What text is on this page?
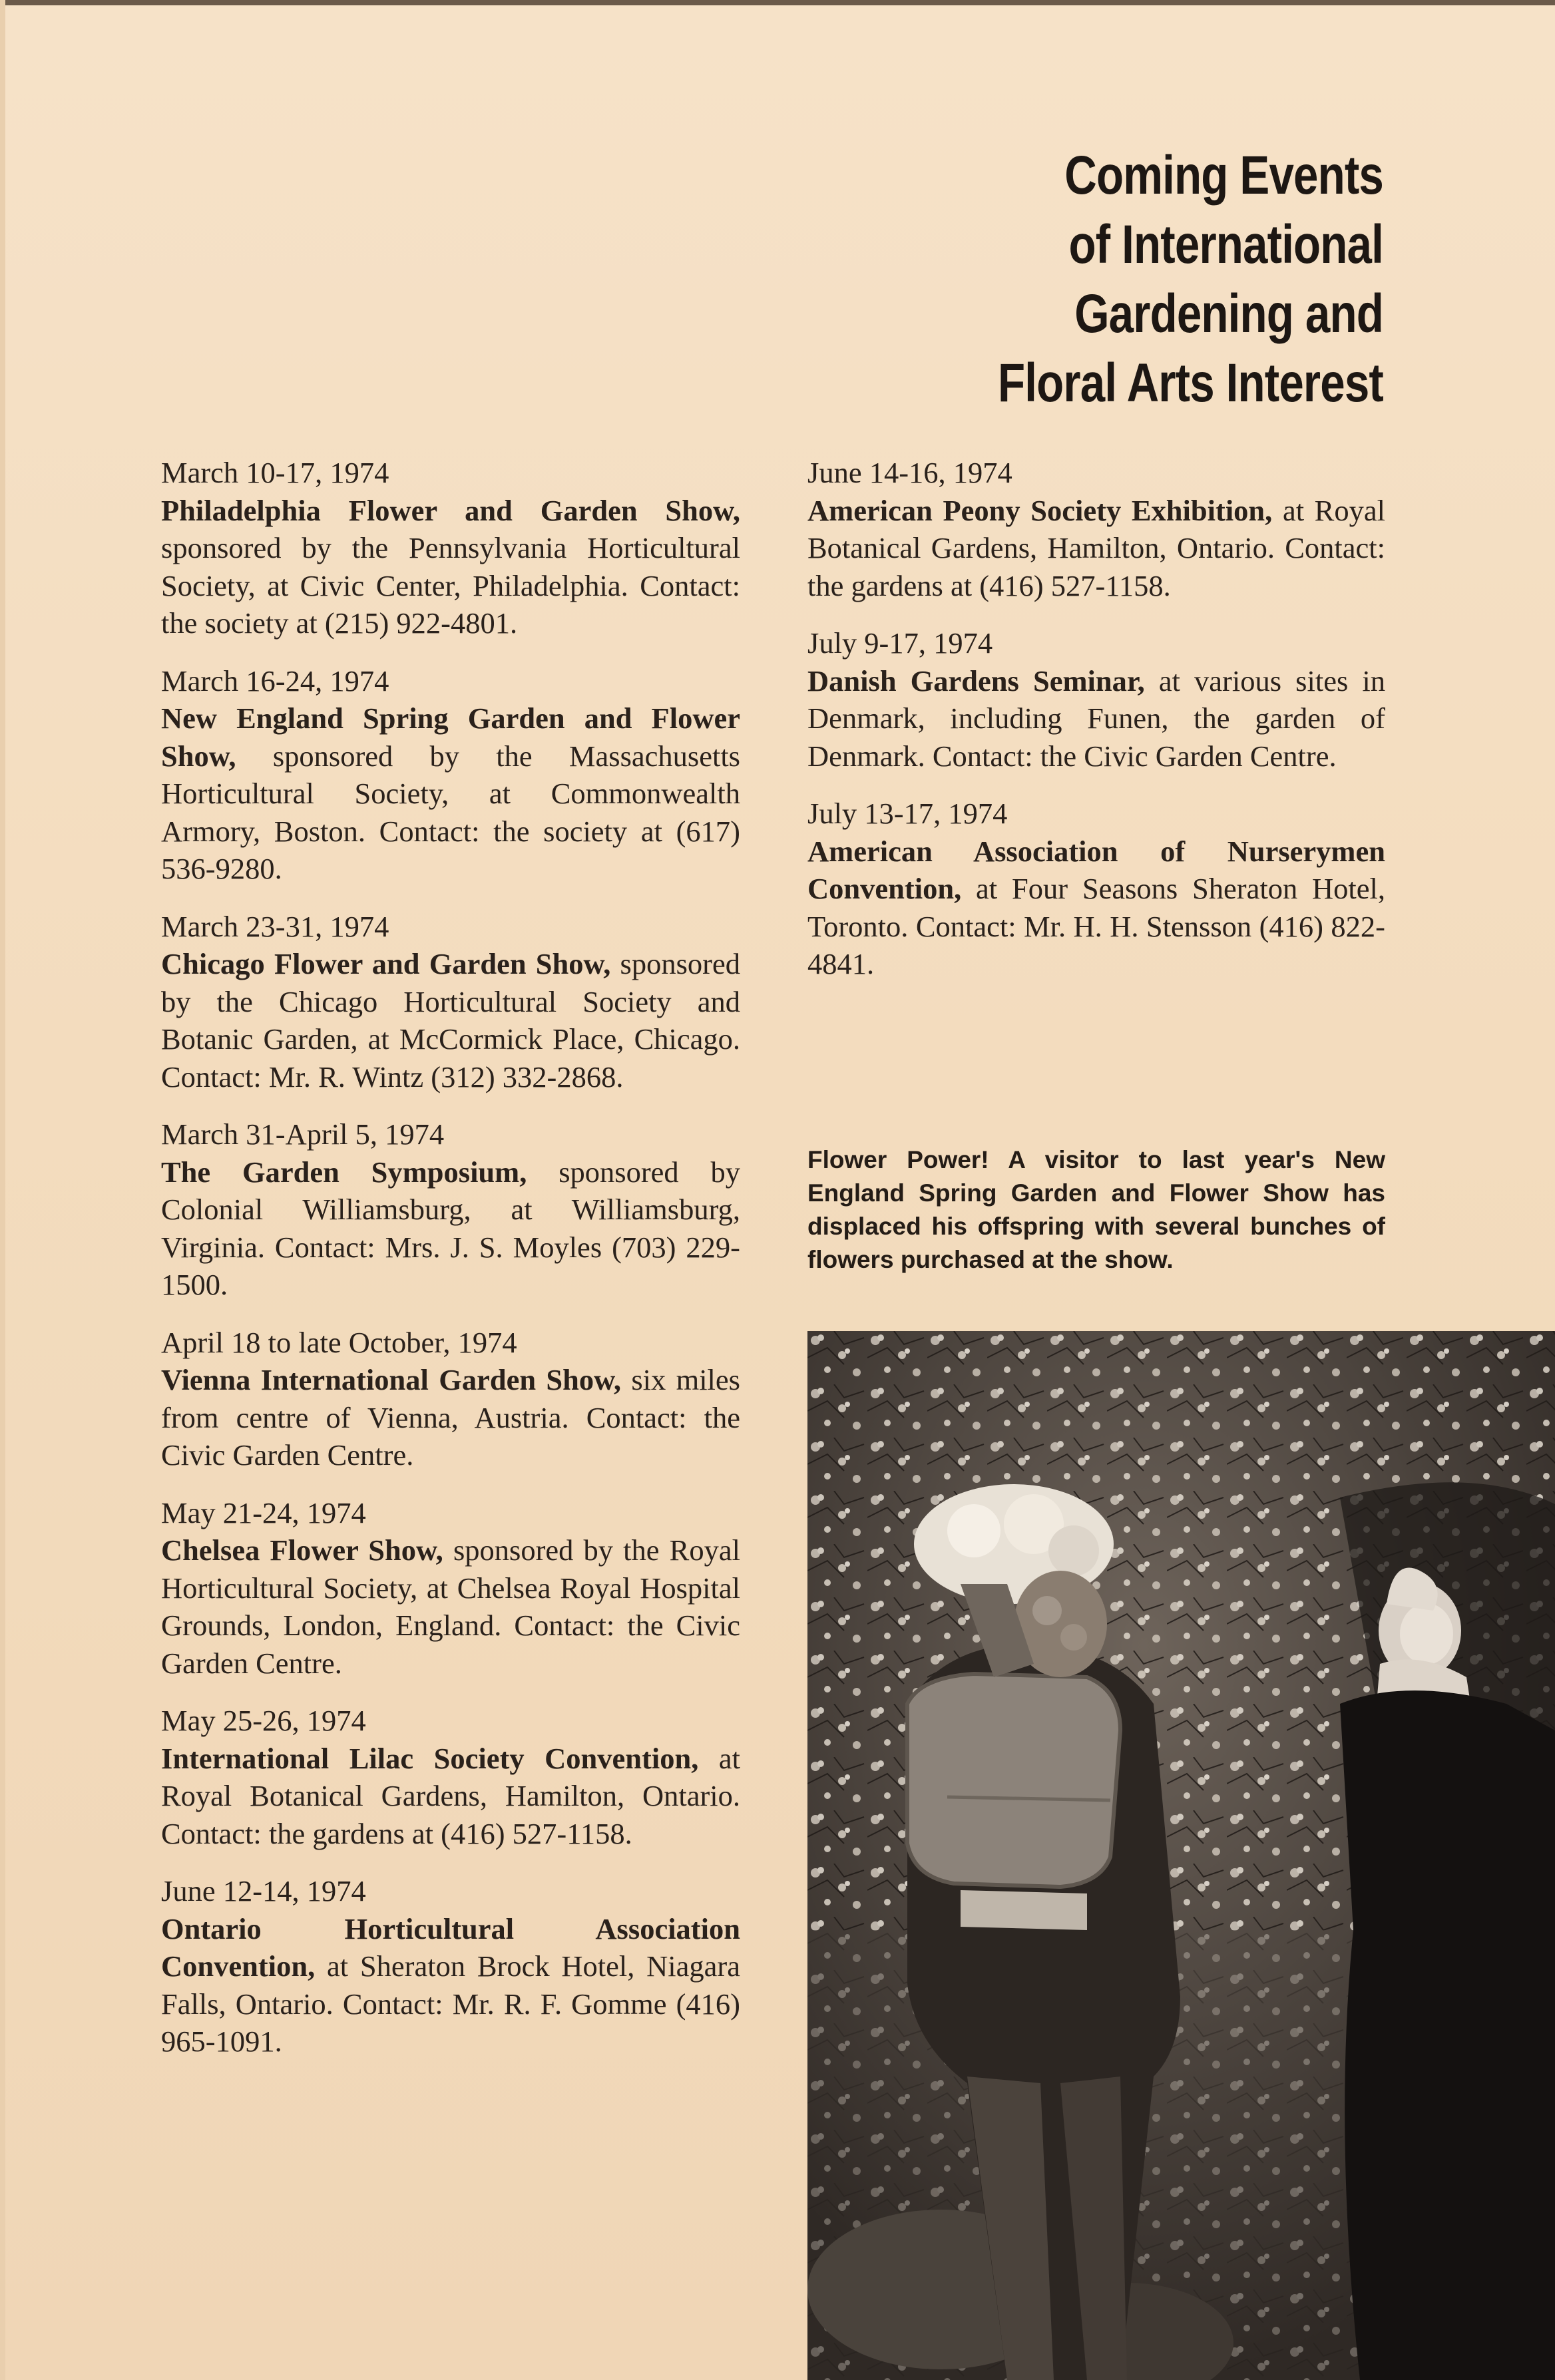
Coming Events
of International
Gardening and
Floral Arts Interest
March 10-17, 1974
Philadelphia Flower and Garden Show, sponsored by the Pennsylvania Horticultural Society, at Civic Center, Philadelphia. Contact: the society at (215) 922-4801.
March 16-24, 1974
New England Spring Garden and Flower Show, sponsored by the Massachusetts Horticultural Society, at Commonwealth Armory, Boston. Contact: the society at (617) 536-9280.
March 23-31, 1974
Chicago Flower and Garden Show, sponsored by the Chicago Horticultural Society and Botanic Garden, at McCormick Place, Chicago. Contact: Mr. R. Wintz (312) 332-2868.
March 31-April 5, 1974
The Garden Symposium, sponsored by Colonial Williamsburg, at Williamsburg, Virginia. Contact: Mrs. J. S. Moyles (703) 229-1500.
April 18 to late October, 1974
Vienna International Garden Show, six miles from centre of Vienna, Austria. Contact: the Civic Garden Centre.
May 21-24, 1974
Chelsea Flower Show, sponsored by the Royal Horticultural Society, at Chelsea Royal Hospital Grounds, London, England. Contact: the Civic Garden Centre.
May 25-26, 1974
International Lilac Society Convention, at Royal Botanical Gardens, Hamilton, Ontario. Contact: the gardens at (416) 527-1158.
June 12-14, 1974
Ontario Horticultural Association Convention, at Sheraton Brock Hotel, Niagara Falls, Ontario. Contact: Mr. R. F. Gomme (416) 965-1091.
June 14-16, 1974
American Peony Society Exhibition, at Royal Botanical Gardens, Hamilton, Ontario. Contact: the gardens at (416) 527-1158.
July 9-17, 1974
Danish Gardens Seminar, at various sites in Denmark, including Funen, the garden of Denmark. Contact: the Civic Garden Centre.
July 13-17, 1974
American Association of Nurserymen Convention, at Four Seasons Sheraton Hotel, Toronto. Contact: Mr. H. H. Stensson (416) 822-4841.
Flower Power! A visitor to last year's New England Spring Garden and Flower Show has displaced his offspring with several bunches of flowers purchased at the show.
